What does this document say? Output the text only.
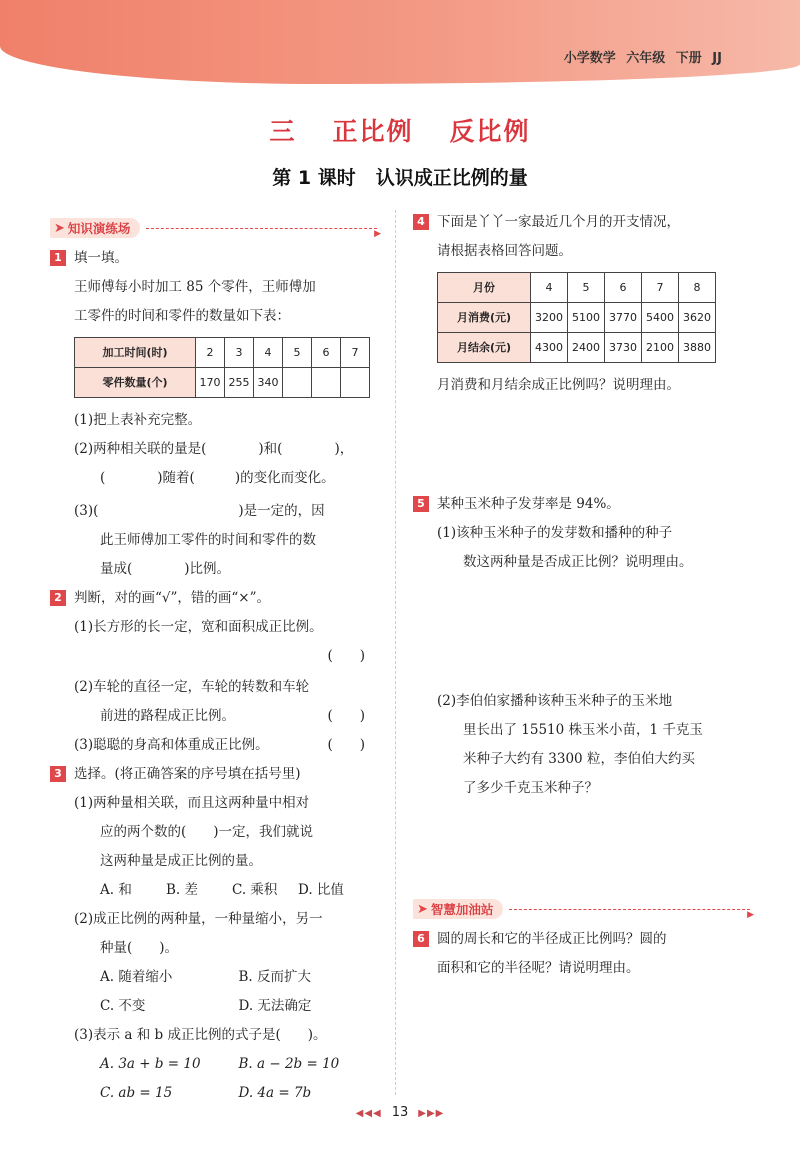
小学数学 六年级 下册 JJ
三 正比例 反比例
第 1 课时 认识成正比例的量
➤ 知识演练场
▶
1 填一填。

王师傅每小时加工 85 个零件，王师傅加

工零件的时间和零件的数量如下表：

加工时间(时)	2	3	4	5	6	7
零件数量(个)	170	255	340			

(1)把上表补充完整。

(2)两种相关联的量是(	)和(	)，

(	)随着(	)的变化而变化。

(3)(	)是一定的，因

此王师傅加工零件的时间和零件的数

量成(	)比例。

2 判断，对的画“√”，错的画“×”。

(1)长方形的长一定，宽和面积成正比例。

(　　)

(2)车轮的直径一定，车轮的转数和车轮

前进的路程成正比例。	(　　)

(3)聪聪的身高和体重成正比例。	(　　)

3 选择。(将正确答案的序号填在括号里)

(1)两种量相关联，而且这两种量中相对

应的两个数的(　　)一定，我们就说

这两种量是成正比例的量。

A. 和	B. 差	C. 乘积	D. 比值

(2)成正比例的两种量，一种量缩小，另一

种量(　　)。

A. 随着缩小	B. 反而扩大
C. 不变	D. 无法确定

(3)表示 a 和 b 成正比例的式子是(　　)。

A. 3a + b = 10	B. a − 2b = 10
C. ab = 15	D. 4a = 7b
4 下面是丫丫一家最近几个月的开支情况，

请根据表格回答问题。

月份	4	5	6	7	8
月消费(元)	3200	5100	3770	5400	3620
月结余(元)	4300	2400	3730	2100	3880

月消费和月结余成正比例吗？说明理由。

5 某种玉米种子发芽率是 94%。

(1)该种玉米种子的发芽数和播种的种子

数这两种量是否成正比例？说明理由。

(2)李伯伯家播种该种玉米种子的玉米地

里长出了 15510 株玉米小苗，1 千克玉

米种子大约有 3300 粒，李伯伯大约买

了多少千克玉米种子？

➤ 智慧加油站
▶
6 圆的周长和它的半径成正比例吗？圆的

面积和它的半径呢？请说明理由。

◀◀◀ 13 ▶▶▶
